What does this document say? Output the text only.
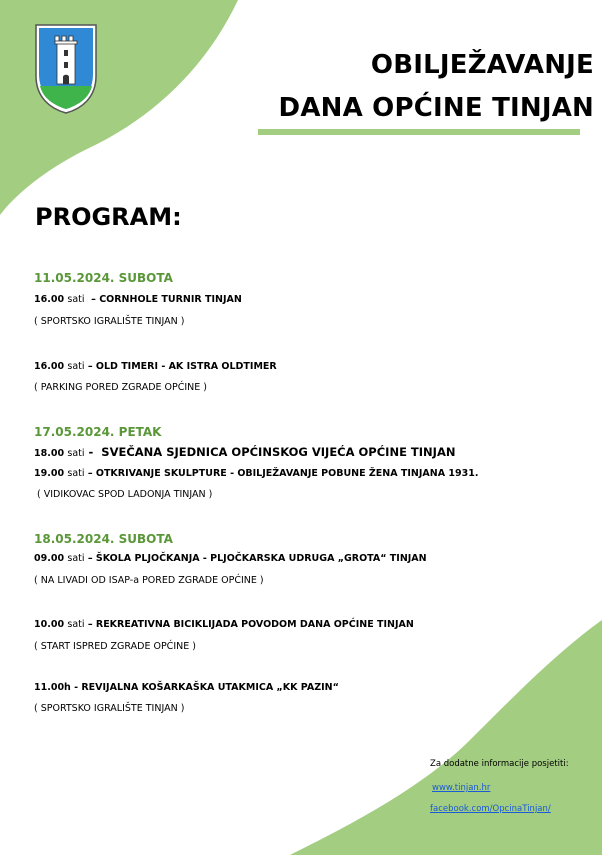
OBILJEŽAVANJE
DANA OPĆINE TINJAN
PROGRAM:
11.05.2024. SUBOTA
16.00 sati  – CORNHOLE TURNIR TINJAN
( SPORTSKO IGRALIŠTE TINJAN )
16.00 sati – OLD TIMERI - AK ISTRA OLDTIMER
( PARKING PORED ZGRADE OPĆINE )
17.05.2024. PETAK
18.00 sati -  SVEČANA SJEDNICA OPĆINSKOG VIJEĆA OPĆINE TINJAN
19.00 sati – OTKRIVANJE SKULPTURE - OBILJEŽAVANJE POBUNE ŽENA TINJANA 1931.
( VIDIKOVAC SPOD LADONJA TINJAN )
18.05.2024. SUBOTA
09.00 sati – ŠKOLA PLJOČKANJA - PLJOČKARSKA UDRUGA „GROTA“ TINJAN
( NA LIVADI OD ISAP-a PORED ZGRADE OPĆINE )
10.00 sati – REKREATIVNA BICIKLIJADA POVODOM DANA OPĆINE TINJAN
( START ISPRED ZGRADE OPĆINE )
11.00h - REVIJALNA KOŠARKAŠKA UTAKMICA „KK PAZIN“
( SPORTSKO IGRALIŠTE TINJAN )
Za dodatne informacije posjetiti:
www.tinjan.hr
facebook.com/OpcinaTinjan/
